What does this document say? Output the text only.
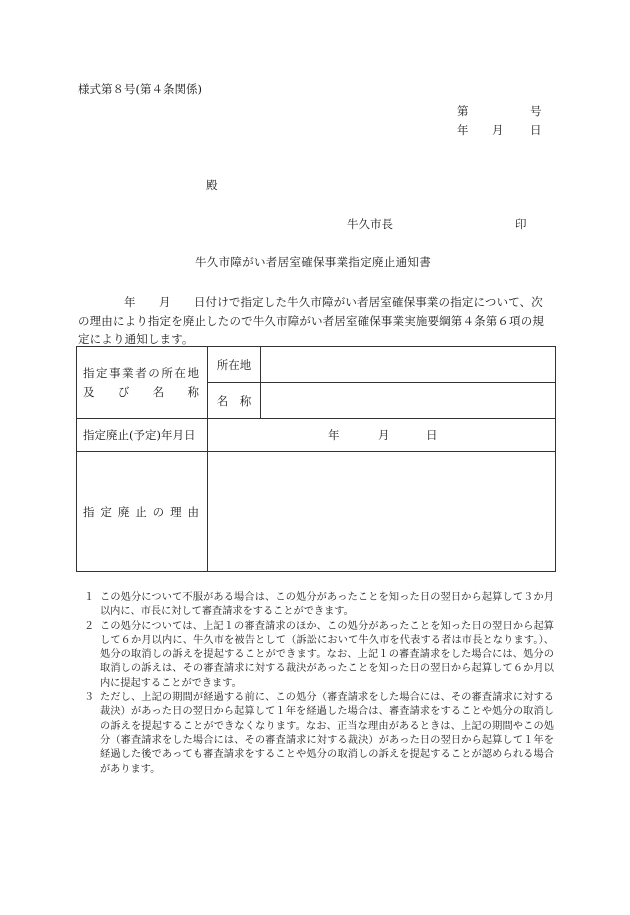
様式第８号(第４条関係)
第	号
年 月 日
殿
牛久市長	印
牛久市障がい者居室確保事業指定廃止通知書
年　　月　　日付けで指定した牛久市障がい者居室確保事業の指定について、次
の理由により指定を廃止したので牛久市障がい者居室確保事業実施要綱第４条第６項の規
定により通知します。
指定事業者の所在地
及 び 名 称	所在地	
	名　称	
指定廃止(予定)年月日	年 月 日	

指 定 廃 止 の 理 由		

１ この処分について不服がある場合は、この処分があったことを知った日の翌日から起算して３か月以内に、市長に対して審査請求をすることができます。
２ この処分については、上記１の審査請求のほか、この処分があったことを知った日の翌日から起算して６か月以内に、牛久市を被告として（訴訟において牛久市を代表する者は市長となります。）、処分の取消しの訴えを提起することができます。なお、上記１の審査請求をした場合には、処分の取消しの訴えは、その審査請求に対する裁決があったことを知った日の翌日から起算して６か月以内に提起することができます。
３ ただし、上記の期間が経過する前に、この処分（審査請求をした場合には、その審査請求に対する裁決）があった日の翌日から起算して１年を経過した場合は、審査請求をすることや処分の取消しの訴えを提起することができなくなります。なお、正当な理由があるときは、上記の期間やこの処分（審査請求をした場合には、その審査請求に対する裁決）があった日の翌日から起算して１年を経過した後であっても審査請求をすることや処分の取消しの訴えを提起することが認められる場合があります。
